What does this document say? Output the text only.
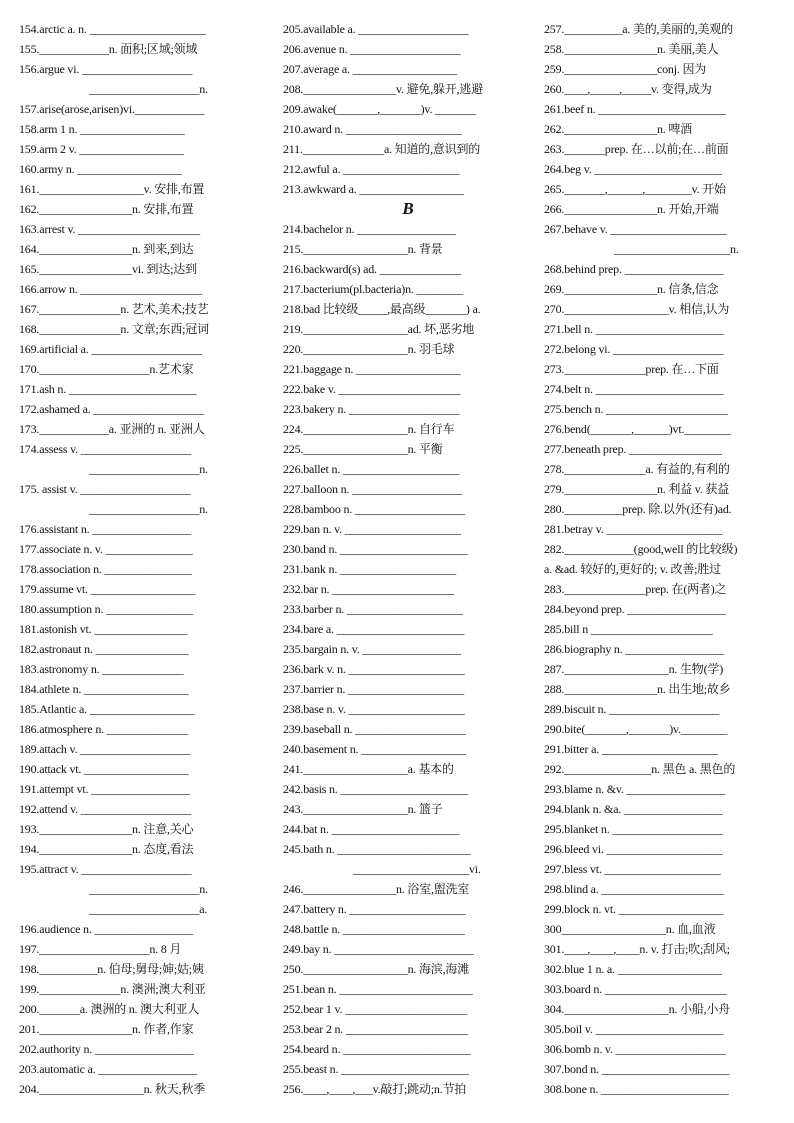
154.arctic a. n. ____________________
155.____________n. 面积;区域;领域
156.argue vi. ___________________
___________________n.
157.arise(arose,arisen)vi.____________
158.arm 1 n. __________________
159.arm 2 v. __________________
160.army n. __________________
161.__________________v. 安排,布置
162.________________n. 安排,布置
163.arrest v. _____________________
164.________________n. 到来,到达
165.________________vi. 到达;达到
166.arrow n. _____________________
167.______________n. 艺术,美术;技艺
168.______________n. 文章;东西;冠词
169.artificial a. ___________________
170.___________________n.艺术家
171.ash n. ______________________
172.ashamed a. ___________________
173.____________a. 亚洲的 n. 亚洲人
174.assess v. ___________________
___________________n.
175. assist v. ___________________
___________________n.
176.assistant n. _________________
177.associate n. v. _______________
178.association n. _______________
179.assume vt. __________________
180.assumption n. _______________
181.astonish vt. ________________
182.astronaut n. ________________
183.astronomy n. ______________
184.athlete n. __________________
185.Atlantic a. __________________
186.atmosphere n. ______________
189.attach v. ___________________
190.attack vt. __________________
191.attempt vt. _________________
192.attend v. ___________________
193.________________n. 注意,关心
194.________________n. 态度,看法
195.attract v. ___________________
___________________n.
___________________a.
196.audience n. _________________
197.___________________n. 8 月
198.__________n. 伯母;舅母;婶;姑;姨
199.______________n. 澳洲;澳大利亚
200._______a. 澳洲的 n. 澳大利亚人
201.________________n. 作者,作家
202.authority n. _________________
203.automatic a. _________________
204.__________________n. 秋天,秋季
205.available a. ___________________
206.avenue n. ___________________
207.average a. __________________
208.________________v. 避免,躲开,逃避
209.awake(_______,_______)v. _______
210.award n. ____________________
211.______________a. 知道的,意识到的
212.awful a. ____________________
213.awkward a. __________________
B
214.bachelor n. _________________
215.__________________n. 背景
216.backward(s) ad. ______________
217.bacterium(pl.bacteria)n. ________
218.bad 比较级_____,最高级_______) a.
219.__________________ad. 坏,恶劣地
220.__________________n. 羽毛球
221.baggage n. __________________
222.bake v. _____________________
223.bakery n. ___________________
224.__________________n. 自行车
225.__________________n. 平衡
226.ballet n. ____________________
227.balloon n. ___________________
228.bamboo n. ___________________
229.ban n. v. ____________________
230.band n. ______________________
231.bank n. ____________________
232.bar n. _____________________
233.barber n. ____________________
234.bare a. ______________________
235.bargain n. v. _________________
236.bark v. n. ____________________
237.barrier n. ____________________
238.base n. v. ____________________
239.baseball n. ___________________
240.basement n. __________________
241.__________________a. 基本的
242.basis n. ______________________
243.__________________n. 篮子
244.bat n. ______________________
245.bath n. _______________________
____________________vi.
246.________________n. 浴室,盥洗室
247.battery n. ____________________
248.battle n. _____________________
249.bay n. ________________________
250.__________________n. 海滨,海滩
251.bean n. _______________________
252.bear 1 v. _____________________
253.bear 2 n. _____________________
254.beard n. ______________________
255.beast n. ______________________
256.____,____,___v.敲打;跳动;n.节拍
257.__________a. 美的,美丽的,美观的
258.________________n. 美丽,美人
259.________________conj. 因为
260.____,_____,_____v. 变得,成为
261.beef n. ______________________
262.________________n. 啤酒
263._______prep. 在…以前;在…前面
264.beg v. ______________________
265._______,______,________v. 开始
266.________________n. 开始,开端
267.behave v. ____________________
____________________n.
268.behind prep. _________________
269.________________n. 信条,信念
270.__________________v. 相信,认为
271.bell n. ______________________
272.belong vi. ___________________
273.______________prep. 在…下面
274.belt n. ______________________
275.bench n. _____________________
276.bend(_______,______)vt.________
277.beneath prep. ________________
278.______________a. 有益的,有利的
279.________________n. 利益 v. 获益
280.__________prep. 除.以外(还有)ad.
281.betray v. ____________________
282.____________(good,well 的比较级)
a. &ad. 较好的,更好的; v. 改善;胜过
283.______________prep. 在(两者)之
284.beyond prep. _________________
285.bill n _____________________
286.biography n. _________________
287.__________________n. 生物(学)
288.________________n. 出生地;故乡
289.biscuit n. ___________________
290.bite(_______,_______)v.________
291.bitter a. ____________________
292._______________n. 黑色 a. 黑色的
293.blame n. &v. _________________
294.blank n. &a. _________________
295.blanket n. ___________________
296.bleed vi. ____________________
297.bless vt. ____________________
298.blind a. _____________________
299.block n. vt. __________________
300__________________n. 血,血液
301.____,____,____n. v. 打击;吹;刮风;
302.blue 1 n. a. __________________
303.board n. _____________________
304.__________________n. 小船,小舟
305.boil v. ______________________
306.bomb n. v. ___________________
307.bond n. ______________________
308.bone n. ______________________
